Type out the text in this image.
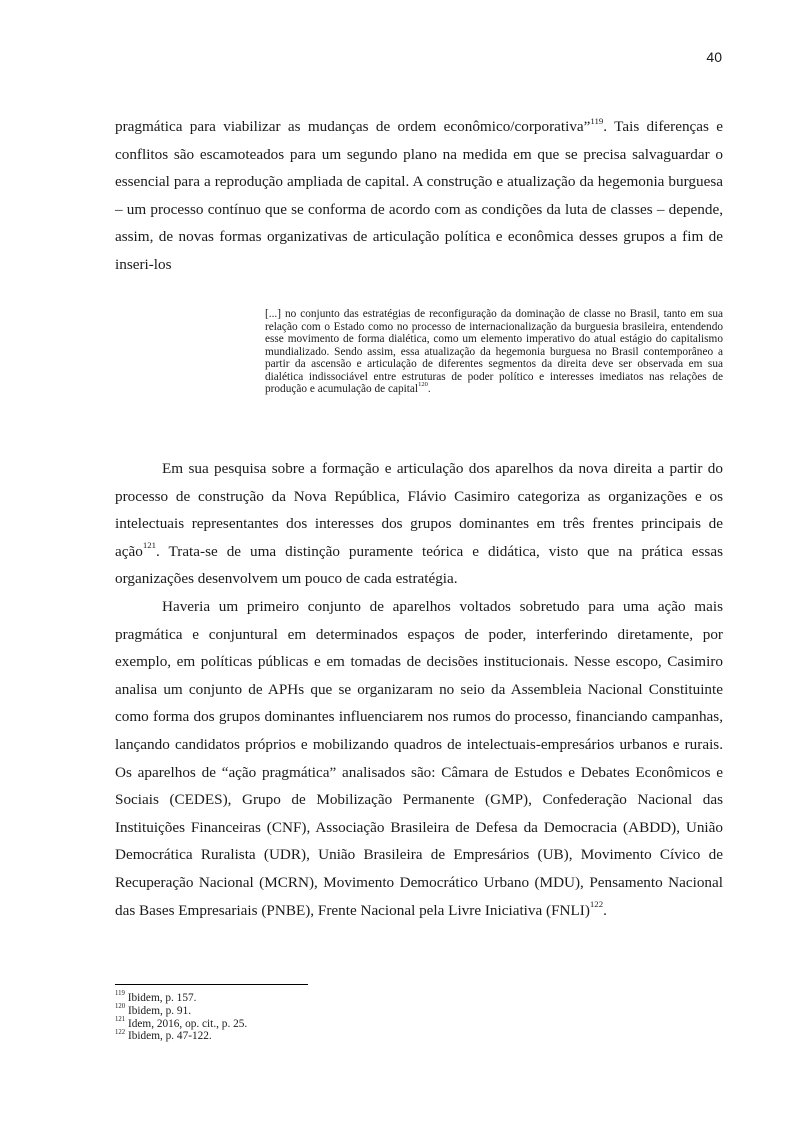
40

pragmática para viabilizar as mudanças de ordem econômico/corporativa”$^{119}$. Tais diferenças e conflitos são escamoteados para um segundo plano na medida em que se precisa salvaguardar o essencial para a reprodução ampliada de capital. A construção e atualização da hegemonia burguesa – um processo contínuo que se conforma de acordo com as condições da luta de classes – depende, assim, de novas formas organizativas de articulação política e econômica desses grupos a fim de inseri-los

[...] no conjunto das estratégias de reconfiguração da dominação de classe no Brasil, tanto em sua relação com o Estado como no processo de internacionalização da burguesia brasileira, entendendo esse movimento de forma dialética, como um elemento imperativo do atual estágio do capitalismo mundializado. Sendo assim, essa atualização da hegemonia burguesa no Brasil contemporâneo a partir da ascensão e articulação de diferentes segmentos da direita deve ser observada em sua dialética indissociável entre estruturas de poder político e interesses imediatos nas relações de produção e acumulação de capital$^{120}$.

Em sua pesquisa sobre a formação e articulação dos aparelhos da nova direita a partir do processo de construção da Nova República, Flávio Casimiro categoriza as organizações e os intelectuais representantes dos interesses dos grupos dominantes em três frentes principais de ação$^{121}$. Trata-se de uma distinção puramente teórica e didática, visto que na prática essas organizações desenvolvem um pouco de cada estratégia.

Haveria um primeiro conjunto de aparelhos voltados sobretudo para uma ação mais pragmática e conjuntural em determinados espaços de poder, interferindo diretamente, por exemplo, em políticas públicas e em tomadas de decisões institucionais. Nesse escopo, Casimiro analisa um conjunto de APHs que se organizaram no seio da Assembleia Nacional Constituinte como forma dos grupos dominantes influenciarem nos rumos do processo, financiando campanhas, lançando candidatos próprios e mobilizando quadros de intelectuais-empresários urbanos e rurais. Os aparelhos de “ação pragmática” analisados são: Câmara de Estudos e Debates Econômicos e Sociais (CEDES), Grupo de Mobilização Permanente (GMP), Confederação Nacional das Instituições Financeiras (CNF), Associação Brasileira de Defesa da Democracia (ABDD), União Democrática Ruralista (UDR), União Brasileira de Empresários (UB), Movimento Cívico de Recuperação Nacional (MCRN), Movimento Democrático Urbano (MDU), Pensamento Nacional das Bases Empresariais (PNBE), Frente Nacional pela Livre Iniciativa (FNLI)$^{122}$.

$^{119}$ Ibidem, p. 157.
$^{120}$ Ibidem, p. 91.
$^{121}$ Idem, 2016, op. cit., p. 25.
$^{122}$ Ibidem, p. 47-122.
